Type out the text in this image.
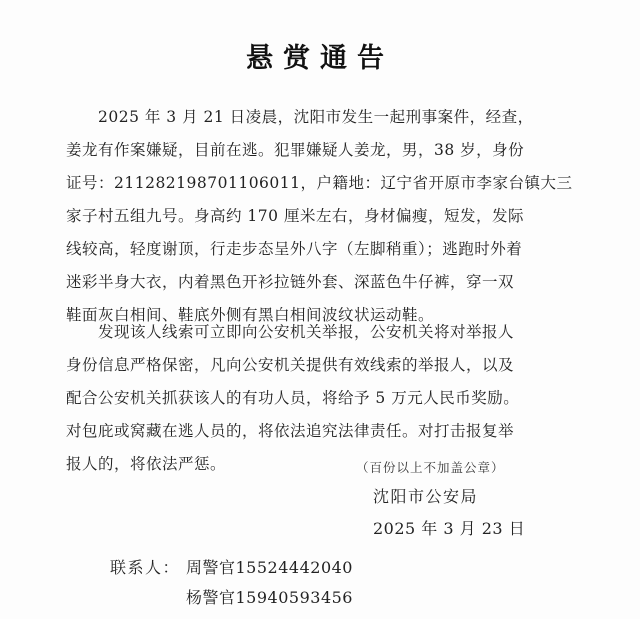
悬赏通告
　　2025 年 3 月 21 日凌晨，沈阳市发生一起刑事案件，经查，
姜龙有作案嫌疑，目前在逃。犯罪嫌疑人姜龙，男，38 岁，身份
证号：211282198701106011，户籍地：辽宁省开原市李家台镇大三
家子村五组九号。身高约 170 厘米左右，身材偏瘦，短发，发际
线较高，轻度谢顶，行走步态呈外八字（左脚稍重）；逃跑时外着
迷彩半身大衣，内着黑色开衫拉链外套、深蓝色牛仔裤，穿一双
鞋面灰白相间、鞋底外侧有黑白相间波纹状运动鞋。
　　发现该人线索可立即向公安机关举报，公安机关将对举报人
身份信息严格保密，凡向公安机关提供有效线索的举报人，以及
配合公安机关抓获该人的有功人员，将给予 5 万元人民币奖励。
对包庇或窝藏在逃人员的，将依法追究法律责任。对打击报复举
报人的，将依法严惩。	（百份以上不加盖公章）
沈阳市公安局
2025 年 3 月 23 日
联系人： 周警官15524442040
杨警官15940593456
